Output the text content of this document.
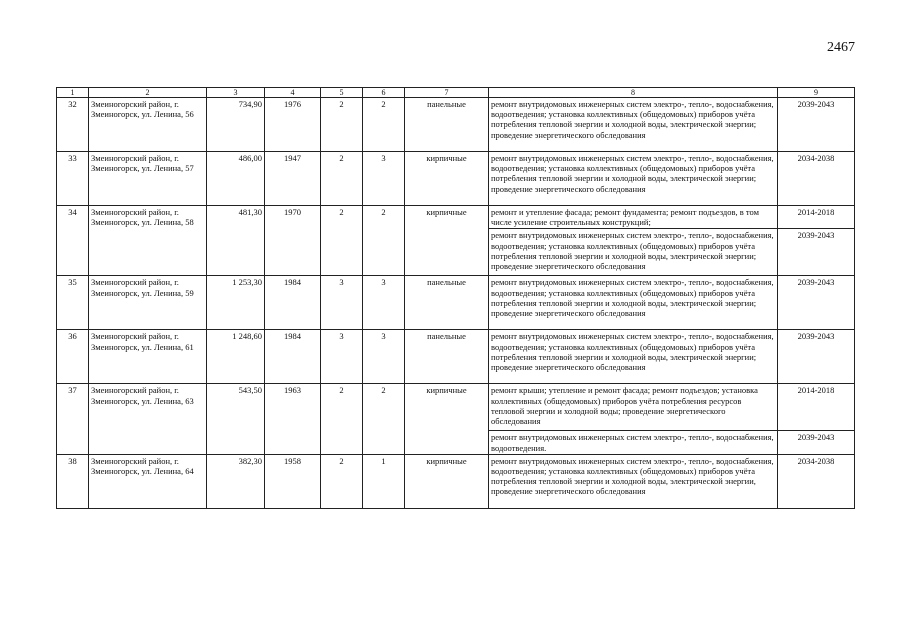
2467
1	2	3	4	5	6	7	8	9
32	Змеиногорский район, г. Змеиногорск, ул. Ленина, 56	734,90	1976	2	2	панельные	ремонт внутридомовых инженерных систем электро-, тепло-, водоснабжения, водоотведения; установка коллективных (общедомовых) приборов учёта потребления тепловой энергии и холодной воды, электрической энергии; проведение энергетического обследования	2039-2043
33	Змеиногорский район, г. Змеиногорск, ул. Ленина, 57	486,00	1947	2	3	кирпичные	ремонт внутридомовых инженерных систем электро-, тепло-, водоснабжения, водоотведения; установка коллективных (общедомовых) приборов учёта потребления тепловой энергии и холодной воды, электрической энергии; проведение энергетического обследования	2034-2038
34	Змеиногорский район, г. Змеиногорск, ул. Ленина, 58	481,30	1970	2	2	кирпичные	ремонт и утепление фасада; ремонт фундамента; ремонт подъездов, в том числе усиление строительных конструкций;	2014-2018
							ремонт внутридомовых инженерных систем электро-, тепло-, водоснабжения, водоотведения; установка коллективных (общедомовых) приборов учёта потребления тепловой энергии и холодной воды, электрической энергии; проведение энергетического обследования	2039-2043
35	Змеиногорский район, г. Змеиногорск, ул. Ленина, 59	1 253,30	1984	3	3	панельные	ремонт внутридомовых инженерных систем электро-, тепло-, водоснабжения, водоотведения; установка коллективных (общедомовых) приборов учёта потребления тепловой энергии и холодной воды, электрической энергии; проведение энергетического обследования	2039-2043
36	Змеиногорский район, г. Змеиногорск, ул. Ленина, 61	1 248,60	1984	3	3	панельные	ремонт внутридомовых инженерных систем электро-, тепло-, водоснабжения, водоотведения; установка коллективных (общедомовых) приборов учёта потребления тепловой энергии и холодной воды, электрической энергии; проведение энергетического обследования	2039-2043
37	Змеиногорский район, г. Змеиногорск, ул. Ленина, 63	543,50	1963	2	2	кирпичные	ремонт крыши; утепление и ремонт фасада; ремонт подъездов; установка коллективных (общедомовых) приборов учёта потребления ресурсов тепловой энергии и холодной воды; проведение энергетического обследования	2014-2018
							ремонт внутридомовых инженерных систем электро-, тепло-, водоснабжения, водоотведения.	2039-2043
38	Змеиногорский район, г. Змеиногорск, ул. Ленина, 64	382,30	1958	2	1	кирпичные	ремонт внутридомовых инженерных систем электро-, тепло-, водоснабжения, водоотведения; установка коллективных (общедомовых) приборов учёта потребления тепловой энергии и холодной воды, электрической энергии, проведение энергетического обследования	2034-2038
